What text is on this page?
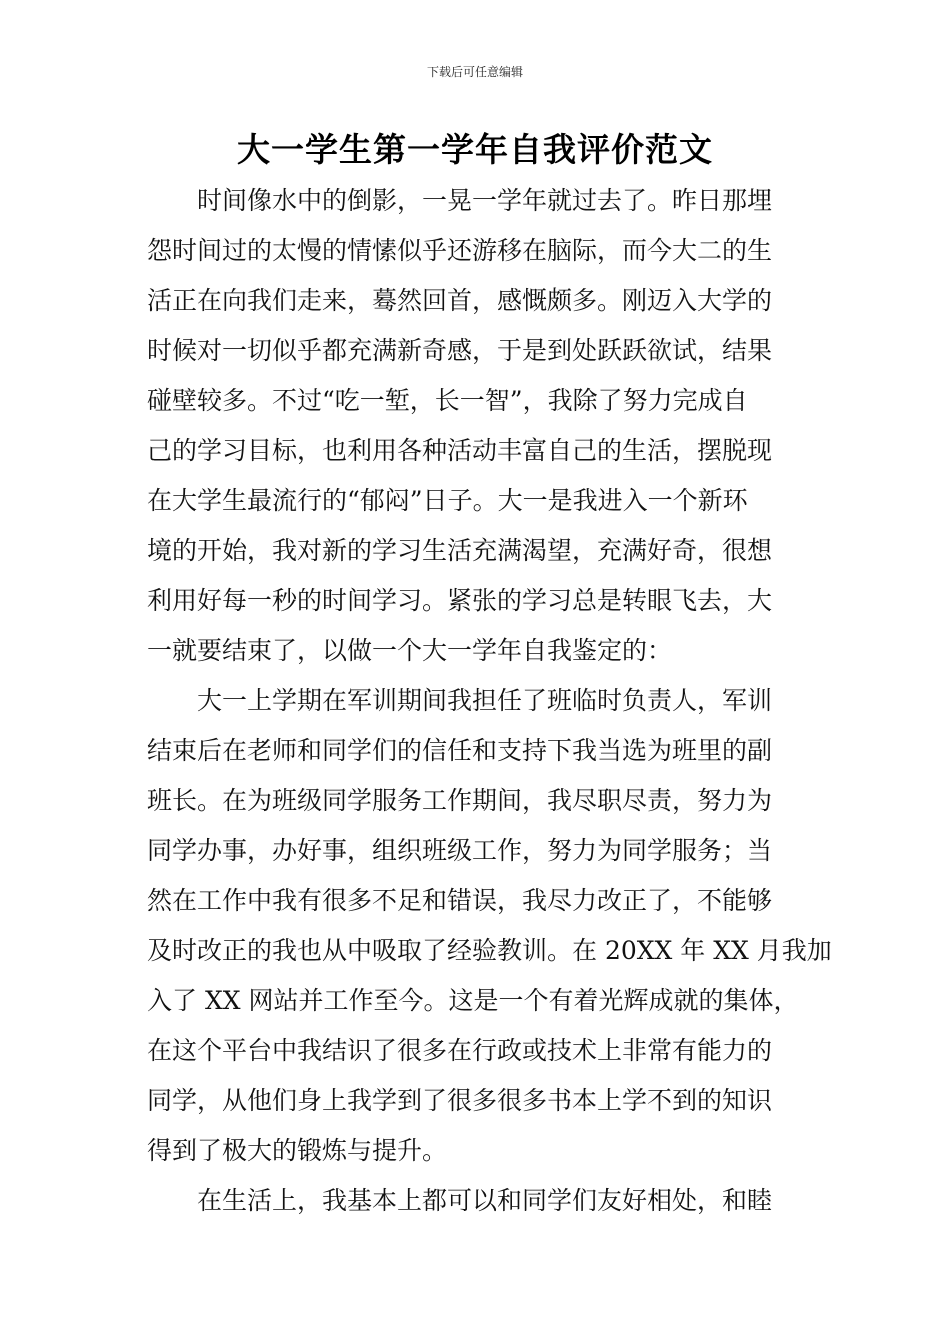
下载后可任意编辑
大一学生第一学年自我评价范文

时间像水中的倒影，一晃一学年就过去了。昨日那埋
怨时间过的太慢的情愫似乎还游移在脑际，而今大二的生
活正在向我们走来，蓦然回首，感慨颇多。刚迈入大学的
时候对一切似乎都充满新奇感，于是到处跃跃欲试，结果
碰壁较多。不过“吃一堑，长一智”，我除了努力完成自
己的学习目标，也利用各种活动丰富自己的生活，摆脱现
在大学生最流行的“郁闷”日子。大一是我进入一个新环
境的开始，我对新的学习生活充满渴望，充满好奇，很想
利用好每一秒的时间学习。紧张的学习总是转眼飞去，大
一就要结束了，以做一个大一学年自我鉴定的：

大一上学期在军训期间我担任了班临时负责人，军训
结束后在老师和同学们的信任和支持下我当选为班里的副
班长。在为班级同学服务工作期间，我尽职尽责，努力为
同学办事，办好事，组织班级工作，努力为同学服务；当
然在工作中我有很多不足和错误，我尽力改正了，不能够
及时改正的我也从中吸取了经验教训。在 20XX 年 XX 月我加
入了 XX 网站并工作至今。这是一个有着光辉成就的集体，
在这个平台中我结识了很多在行政或技术上非常有能力的
同学，从他们身上我学到了很多很多书本上学不到的知识
得到了极大的锻炼与提升。

在生活上，我基本上都可以和同学们友好相处，和睦
